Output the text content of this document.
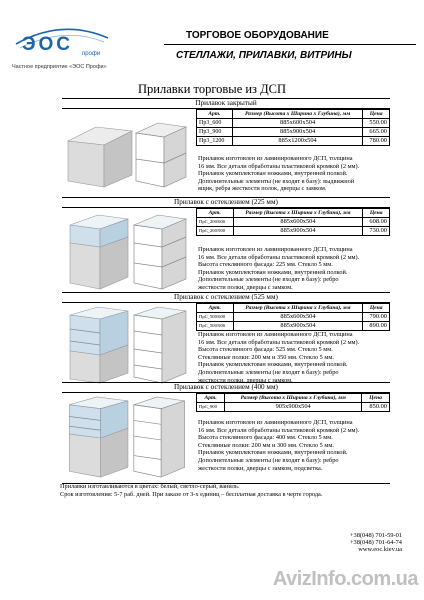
ЭОС профи
Частное предприятие «ЭОС Профи»
ТОРГОВОЕ ОБОРУДОВАНИЕ
СТЕЛЛАЖИ, ПРИЛАВКИ, ВИТРИНЫ
Прилавки торговые из ДСП
Прилавок закрытый
Арт.	Размер (Высота x Ширина x Глубина), мм	Цена
Пр3_600	885x600x504	550.00
Пр3_900	885x900x504	665.00
Пр3_1200	885x1200x504	780.00
Прилавок изготовлен из ламинированного ДСП, толщина
16 мм. Все детали обработаны пластиковой кромкой (2 мм).
Прилавок укомплектован ножками, внутренней полкой.
Дополнительные элементы (не входят в базу): выдвижной
ящик, ребра жесткости полок, дверцы с замком.
Прилавок с остеклением (225 мм)
Арт.	Размер (Высота x Ширина x Глубина), мм	Цена
ПрС_200/600	885x600x504	608.00
ПрС_200/900	885x900x504	730.00
Прилавок изготовлен из ламинированного ДСП, толщина
16 мм. Все детали обработаны пластиковой кромкой (2 мм).
Высота стеклянного фасада: 225 мм. Стекло 5 мм.
Прилавок укомплектован ножками, внутренней полкой.
Дополнительные элементы (не входят в базу): ребро
жесткости полки, дверцы с замком.
Прилавок с остеклением (525 мм)
Арт.	Размер (Высота x Ширина x Глубина), мм	Цена
ПрС_500/600	885x600x504	790.00
ПрС_500/900	885x900x504	890.00
Прилавок изготовлен из ламинированного ДСП, толщина
16 мм. Все детали обработаны пластиковой кромкой (2 мм).
Высота стеклянного фасада: 525 мм. Стекло 5 мм.
Стеклянные полки: 200 мм и 350 мм. Стекло 5 мм.
Прилавок укомплектован ножками, внутренней полкой.
Дополнительные элементы (не входят в базу): ребро
жесткости полки, дверцы с замком.
Прилавок с остеклением (400 мм)
Арт.	Размер (Высота x Ширина x Глубина), мм	Цена
ПрС_900	905x900x504	850.00
Прилавок изготовлен из ламинированного ДСП, толщина
16 мм. Все детали обработаны пластиковой кромкой (2 мм).
Высота стеклянного фасада: 400 мм. Стекло 5 мм.
Стеклянные полки: 200 мм и 300 мм. Стекло 5 мм.
Прилавок укомплектован ножками, внутренней полкой.
Дополнительные элементы (не входят в базу): ребро
жесткости полки, дверцы с замком, подсветка.
Прилавки изготавливаются в цветах: белый, светло-серый, ваниль.
Срок изготовления: 5-7 раб. дней. При заказе от 3-х единиц – бесплатная доставка в черте города.
+38(048) 701-59-01
+38(048) 701-64-74
www.eoc.kiev.ua
AvizInfo.com.ua
